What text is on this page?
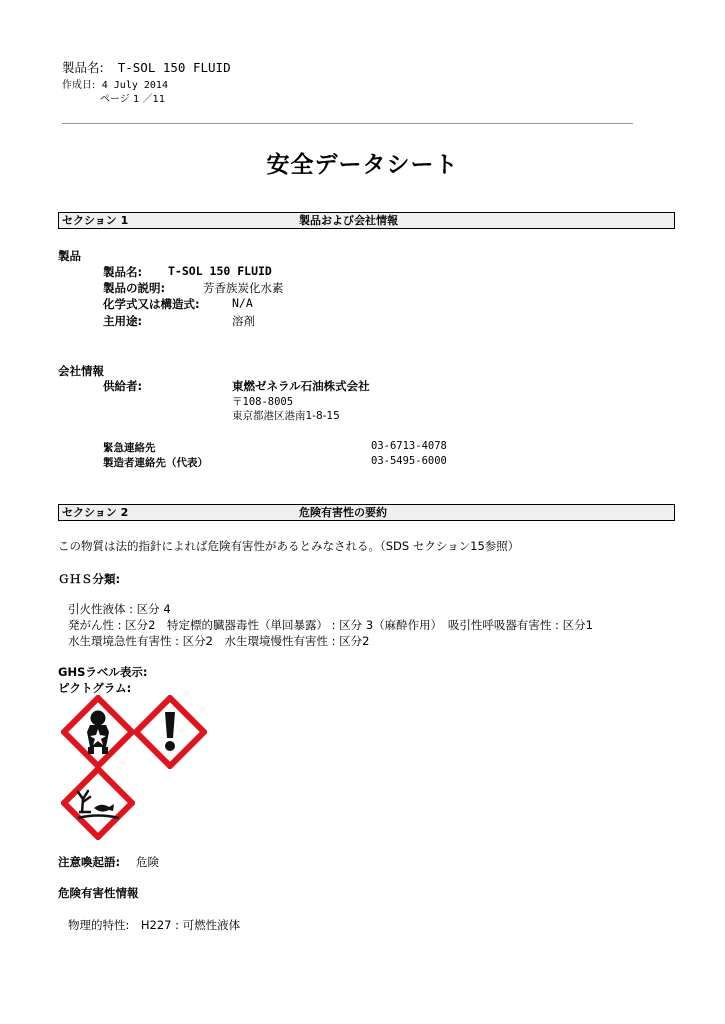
製品名: T-SOL 150 FLUID
作成日: 4 July 2014
ページ 1 ／11
安全データシート
セクション 1	製品および会社情報
製品
製品名: T-SOL 150 FLUID
製品の説明:	芳香族炭化水素
化学式又は構造式:	N/A
主用途:	溶剤
会社情報
供給者:	東燃ゼネラル石油株式会社
〒108-8005
東京都港区港南1-8-15
緊急連絡先	03-6713-4078
製造者連絡先（代表）	03-5495-6000
セクション 2	危険有害性の要約
この物質は法的指針によれば危険有害性があるとみなされる。（SDS セクション15参照）
ＧＨＳ分類:
引火性液体 : 区分 4
発がん性 : 区分2　特定標的臓器毒性（単回暴露） : 区分 3（麻酔作用）　吸引性呼吸器有害性 : 区分1
水生環境急性有害性 : 区分2　水生環境慢性有害性 : 区分2
GHSラベル表示:
ピクトグラム:
注意喚起語: 危険
危険有害性情報
物理的特性:　H227 : 可燃性液体
